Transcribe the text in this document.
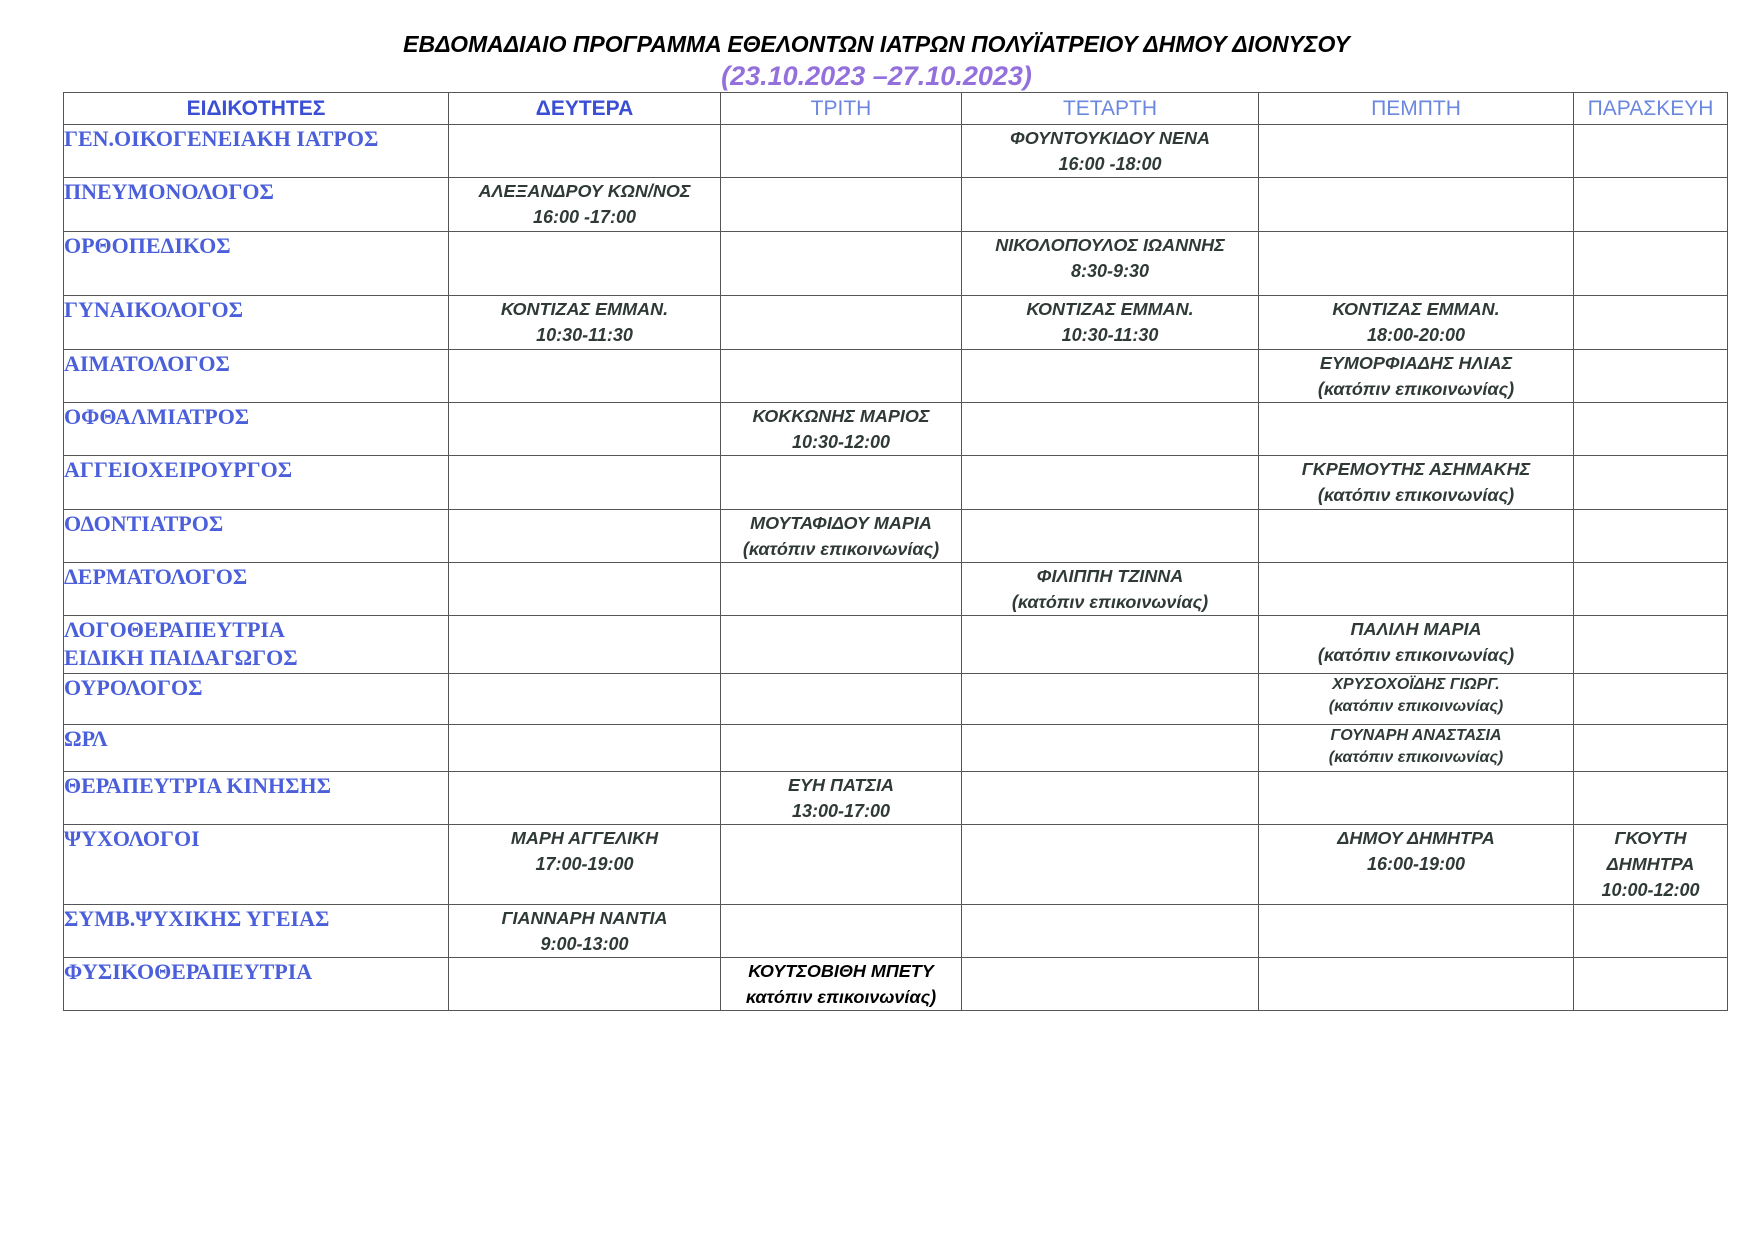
ΕΒΔΟΜΑΔΙΑΙΟ ΠΡΟΓΡΑΜΜΑ ΕΘΕΛΟΝΤΩΝ ΙΑΤΡΩΝ ΠΟΛΥΪΑΤΡΕΙΟΥ ΔΗΜΟΥ ΔΙΟΝΥΣΟΥ
(23.10.2023 –27.10.2023)
ΕΙΔΙΚΟΤΗΤΕΣ	ΔΕΥΤΕΡΑ	ΤΡΙΤΗ	ΤΕΤΑΡΤΗ	ΠΕΜΠΤΗ	ΠΑΡΑΣΚΕΥΗ
ΓΕΝ.ΟΙΚΟΓΕΝΕΙΑΚΗ ΙΑΤΡΟΣ			ΦΟΥΝΤΟΥΚΙΔΟΥ ΝΕΝΑ
16:00 -18:00		
ΠΝΕΥΜΟΝΟΛΟΓΟΣ	ΑΛΕΞΑΝΔΡΟΥ ΚΩΝ/ΝΟΣ
16:00 -17:00				
ΟΡΘΟΠΕΔΙΚΟΣ			ΝΙΚΟΛΟΠΟΥΛΟΣ ΙΩΑΝΝΗΣ
8:30-9:30		
ΓΥΝΑΙΚΟΛΟΓΟΣ	ΚΟΝΤΙΖΑΣ ΕΜΜΑΝ.
10:30-11:30		ΚΟΝΤΙΖΑΣ ΕΜΜΑΝ.
10:30-11:30	ΚΟΝΤΙΖΑΣ ΕΜΜΑΝ.
18:00-20:00	
ΑΙΜΑΤΟΛΟΓΟΣ				ΕΥΜΟΡΦΙΑΔΗΣ ΗΛΙΑΣ
(κατόπιν επικοινωνίας)	
ΟΦΘΑΛΜΙΑΤΡΟΣ		ΚΟΚΚΩΝΗΣ ΜΑΡΙΟΣ
10:30-12:00			
ΑΓΓΕΙΟΧΕΙΡΟΥΡΓΟΣ				ΓΚΡΕΜΟΥΤΗΣ ΑΣΗΜΑΚΗΣ
(κατόπιν επικοινωνίας)	
ΟΔΟΝΤΙΑΤΡΟΣ		ΜΟΥΤΑΦΙΔΟΥ ΜΑΡΙΑ
(κατόπιν επικοινωνίας)			
ΔΕΡΜΑΤΟΛΟΓΟΣ			ΦΙΛΙΠΠΗ ΤΖΙΝΝΑ
(κατόπιν επικοινωνίας)		
ΛΟΓΟΘΕΡΑΠΕΥΤΡΙΑ
ΕΙΔΙΚΗ ΠΑΙΔΑΓΩΓΟΣ				ΠΑΛΙΛΗ ΜΑΡΙΑ
(κατόπιν επικοινωνίας)	
ΟΥΡΟΛΟΓΟΣ				ΧΡΥΣΟΧΟΪΔΗΣ ΓΙΩΡΓ.
(κατόπιν επικοινωνίας)	
ΩΡΛ				ΓΟΥΝΑΡΗ ΑΝΑΣΤΑΣΙΑ
(κατόπιν επικοινωνίας)	
ΘΕΡΑΠΕΥΤΡΙΑ ΚΙΝΗΣΗΣ		ΕΥΗ ΠΑΤΣΙΑ
13:00-17:00			
ΨΥΧΟΛΟΓΟΙ	ΜΑΡΗ ΑΓΓΕΛΙΚΗ
17:00-19:00			ΔΗΜΟΥ ΔΗΜΗΤΡΑ
16:00-19:00	ΓΚΟΥΤΗ
ΔΗΜΗΤΡΑ
10:00-12:00
ΣΥΜΒ.ΨΥΧΙΚΗΣ ΥΓΕΙΑΣ	ΓΙΑΝΝΑΡΗ ΝΑΝΤΙΑ
9:00-13:00				
ΦΥΣΙΚΟΘΕΡΑΠΕΥΤΡΙΑ		ΚΟΥΤΣΟΒΙΘΗ ΜΠΕΤΥ
κατόπιν επικοινωνίας)			
